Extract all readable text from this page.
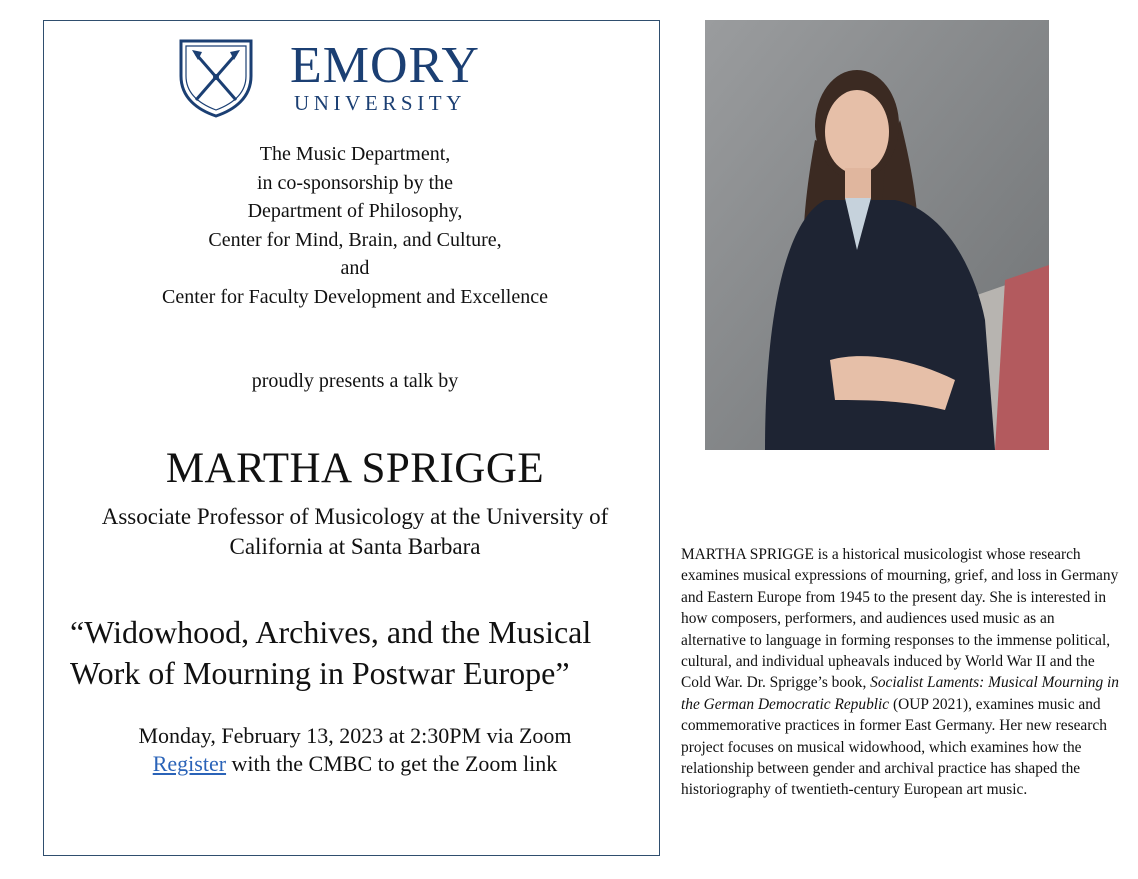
EMORY
UNIVERSITY
The Music Department,
in co-sponsorship by the
Department of Philosophy,
Center for Mind, Brain, and Culture,
and
Center for Faculty Development and Excellence
proudly presents a talk by
MARTHA SPRIGGE
Associate Professor of Musicology at the University of
California at Santa Barbara
“Widowhood, Archives, and the Musical
Work of Mourning in Postwar Europe”
Monday, February 13, 2023 at 2:30PM via Zoom
Register with the CMBC to get the Zoom link
MARTHA SPRIGGE is a historical musicologist whose research examines musical expressions of mourning, grief, and loss in Germany and Eastern Europe from 1945 to the present day. She is interested in how composers, performers, and audiences used music as an alternative to language in forming responses to the immense political, cultural, and individual upheavals induced by World War II and the Cold War. Dr. Sprigge’s book, Socialist Laments: Musical Mourning in the German Democratic Republic (OUP 2021), examines music and commemorative practices in former East Germany. Her new research project focuses on musical widowhood, which examines how the relationship between gender and archival practice has shaped the historiography of twentieth-century European art music.
